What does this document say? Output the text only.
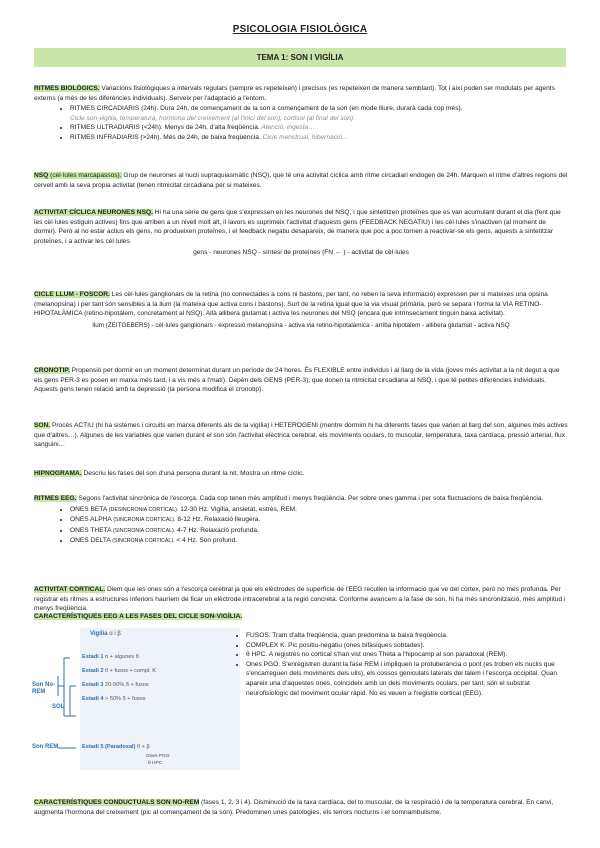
PSICOLOGIA FISIOLÒGICA
TEMA 1: SON I VIGÍLIA
RITMES BIOLÒGICS. Variacions fisiològiques a intervals regulars (sempre es repeteixen) i precisos (es repeteixen de manera semblant). Tot i així poden ser modulats per agents externs (a més de les diferències individuals). Serveix per l'adaptació a l'entorn.
• RITMES CIRCADIARIS (24h). Dura 24h, de començament de la son a començament de la son (en mode lliure, durarà cada cop més).
Cicle son-vigília, temperatura, hormona del creixement (al l'inici del son), cortisol (al final del son).
• RITMES ULTRADIARIS (<24h). Menys de 24h, d'alta freqüència. Atenció, ingesta…
• RITMES INFRADIARIS (>24h). Més de 24h, de baixa freqüència. Cicle menstrual, hibernació…
NSQ (cèl·lules marcapassos). Grup de neurones al nucli supraquiasmàtic (NSQ), que té una activitat cíclica amb ritme circadiari endogen de 24h. Marquen el ritme d'altres regions del cervell amb la seva pròpia activitat (tenen ritmicitat circadiana per si mateixes.
ACTIVITAT CÍCLICA NEURONES NSQ. Hi ha una sèrie de gens que s'expressen en les neurones del NSQ, i que sintetitzen proteïnes que es van acumulant durant el dia (fent que les cèl·lules estiguin actives) fins que arriben a un nivell molt alt, il·lavors es suprimeix l'activitat d'aquests gens (FEEDBACK NEGATIU) i les cèl·lules s'inactiven (al moment de dormir). Però al no estar actius els gens, no produeixen proteïnes, i el feedback negatiu desapareix, de manera que poc a poc tornen a reactivar-se els gens, aquests a sintetitzar proteïnes, i a activar les cèl·lules.
gens - neurones NSQ - síntesi de proteïnes (FN ← ) - activitat de cèl·lules
CICLE LLUM - FOSCOR. Les cèl·lules ganglionars de la retina (no connectades a cons ni bastons, per tant, no reben la seva informació) expressen per si mateixes una opsina (melanopsina) i per tant són sensibles a la llum (la mateixa que activa cons i bastons). Surt de la retina igual que la via visual primària, però se separa i forma la VIA RETINO-HIPOTALÀMICA (retino-hipotàlem, concretament al NSQ). Allà allibera glutamat i activa les neurones del NSQ (encara que intrínsecament tinguin baixa activitat).
llum (ZEITGEBERS) - cèl·lules ganglionars - expressió melanopsina - activa via retino-hipotalàmica - arriba hipotàlem - allibera glutamat - activa NSQ
CRONOTIP. Propensió per dormir en un moment determinat durant un període de 24 hores. És FLEXIBLE entre individus i al llarg de la vida (joves més activitat a la nit degut a que els gens PER-3 es posen en marxa més tard, i a vis més a l'matí). Depèn dels GENS (PER-3), que donen la ritmicitat circadiana al NSQ, i que té petites diferències individuals. Aquests gens tenen relació amb la depressió (la persona modifica el cronotip).
SON. Procés ACTIU (hi ha sistemes i circuits en marxa diferents als de la vigília) i HETEROGENI (mentre dormim hi ha diferents fases que varien al llarg del son, algunes més actives que d'altres…). Algunes de les variables que varien durant el son són l'activitat elèctrica cerebral, els moviments oculars, to muscular, temperatura, taxa cardíaca, pressió arterial, flux sanguini…
HIPNOGRAMA. Descriu les fases del son d'una persona durant la nit. Mostra un ritme cíclic.
RITMES EEG. Segons l'activitat sincrònica de l'escorça. Cada cop tenen més amplitud i menys freqüència. Per sobre ones gamma i per sota fluctuacions de baixa freqüència.
• ONES BETA (DESINCRONIA CORTICAL). 12-30 Hz. Vigília, ansietat, estrès, REM.
• ONES ALPHA (SINCRONIA CORTICAL). 8-12 Hz. Relaxació lleugera.
• ONES THETA (SINCRONIA CORTICAL). 4-7 Hz. Relaxació profunda.
• ONES DELTA (SINCRONIA CORTICAL). < 4 Hz. Son profund.
ACTIVITAT CORTICAL. Diem que les ones són a l'escorça cerebral ja que els elèctrodes de superfície de l'EEG recullen la informació que ve del còrtex, però no més profunda. Per registrar els ritmes a estructures inferiors hauríem de ficar un elèctrode intracerebral a la regió concreta. Conforme avancem a la fase de son, hi ha més sincronització, més amplitud i menys freqüència.
CARACTERÍSTIQUES EEG A LES FASES DEL CICLE SON-VIGÍLIA.
Vigília α i β
Son No-REM
SOL
Son REM
Estadi 1 α + algunes θ
Estadi 2 θ + fusos + compl. K
Estadi 3 20-50% δ + fusos
Estadi 4 > 50% δ + fusos
Estadi 5 (Paradoxal) θ + β
Ones PGO
θ HPC
• FUSOS. Tram d'alta freqüència, quan predomina la baixa freqüència.
• COMPLEX K. Pic positiu-negatiu (ones bifàsiques sobtades).
• θ HPC. A registres no cortical s'han vist ones Theta a l'hipocamp al son paradoxal (REM).
• Ones PGO. S'enregistren durant la fase REM i impliquen la protuberància o pont (es troben els nuclis que s'encarreguen dels moviments dels ulls), els cossos geniculats laterals del tàlem i l'escorça occipital. Quan apareix una d'aquestes ones, coincideix amb un dels moviments oculars, per tant, són el substrat neurofisiològic del moviment ocular ràpid. No es veuen a l'registre cortical (EEG).
CARACTERÍSTIQUES CONDUCTUALS SON NO-REM (fases 1, 2, 3 i 4). Disminució de la taxa cardíaca, del to muscular, de la respiració i de la temperatura cerebral. En canvi, augmenta l'hormona del creixement (pic al començament de la son). Predominen unes patologies, els terrors nocturns i el somnambulisme.
